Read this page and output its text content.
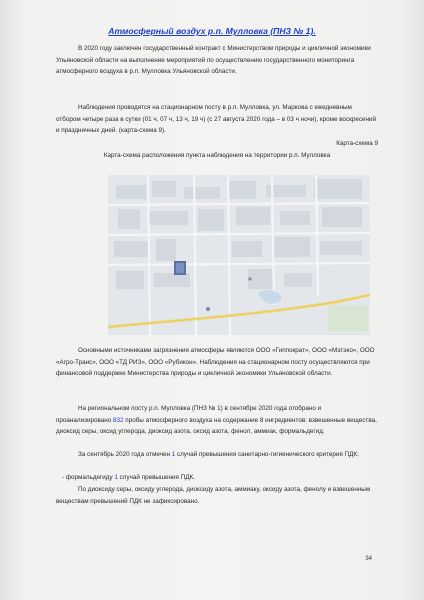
Атмосферный воздух р.п. Мулловка (ПНЗ № 1).
В 2020 году заключен государственный контракт с Министерством природы и цикличной экономики Ульяновской области на выполнение мероприятий по осуществлению государственного мониторинга атмосферного воздуха в р.п. Мулловка Ульяновской области.
Наблюдения проводятся на стационарном посту в р.п. Мулловка, ул. Маркова с ежедневным отбором четыре раза в сутки (01 ч, 07 ч, 13 ч, 19 ч) (с 27 августа 2020 года – в 03 ч ночи), кроме воскресений и праздничных дней. (карта-схема 9).
Карта-схема 9
Карта-схема расположения пункта наблюдения на территории р.п. Мулловка
Основными источниками загрязнения атмосферы являются ООО «Гиппократ», ООО «Мэтэко», ООО «Агро-Транс», ООО «ТД РИЗ», ООО «Рубикон». Наблюдения на стационарном посту осуществляются при финансовой поддержке Министерства природы и цикличной экономики Ульяновской области.
На региональном посту р.п. Мулловка (ПНЗ № 1) в сентябре 2020 года отобрано и проанализировано 832 пробы атмосферного воздуха на содержание 8 ингредиентов: взвешенные вещества, диоксид серы, оксид углерода, диоксид азота, оксид азота, фенол, аммиак, формальдегид.
За сентябрь 2020 года отмечен 1 случай превышения санитарно-гигиенического критерия ПДК:
- формальдегиду 1 случай превышения ПДК.
По диоксиду серы, оксиду углерода, диоксиду азота, аммиаку, оксиду азота, фенолу и взвешенным веществам превышений ПДК не зафиксировано.
34
